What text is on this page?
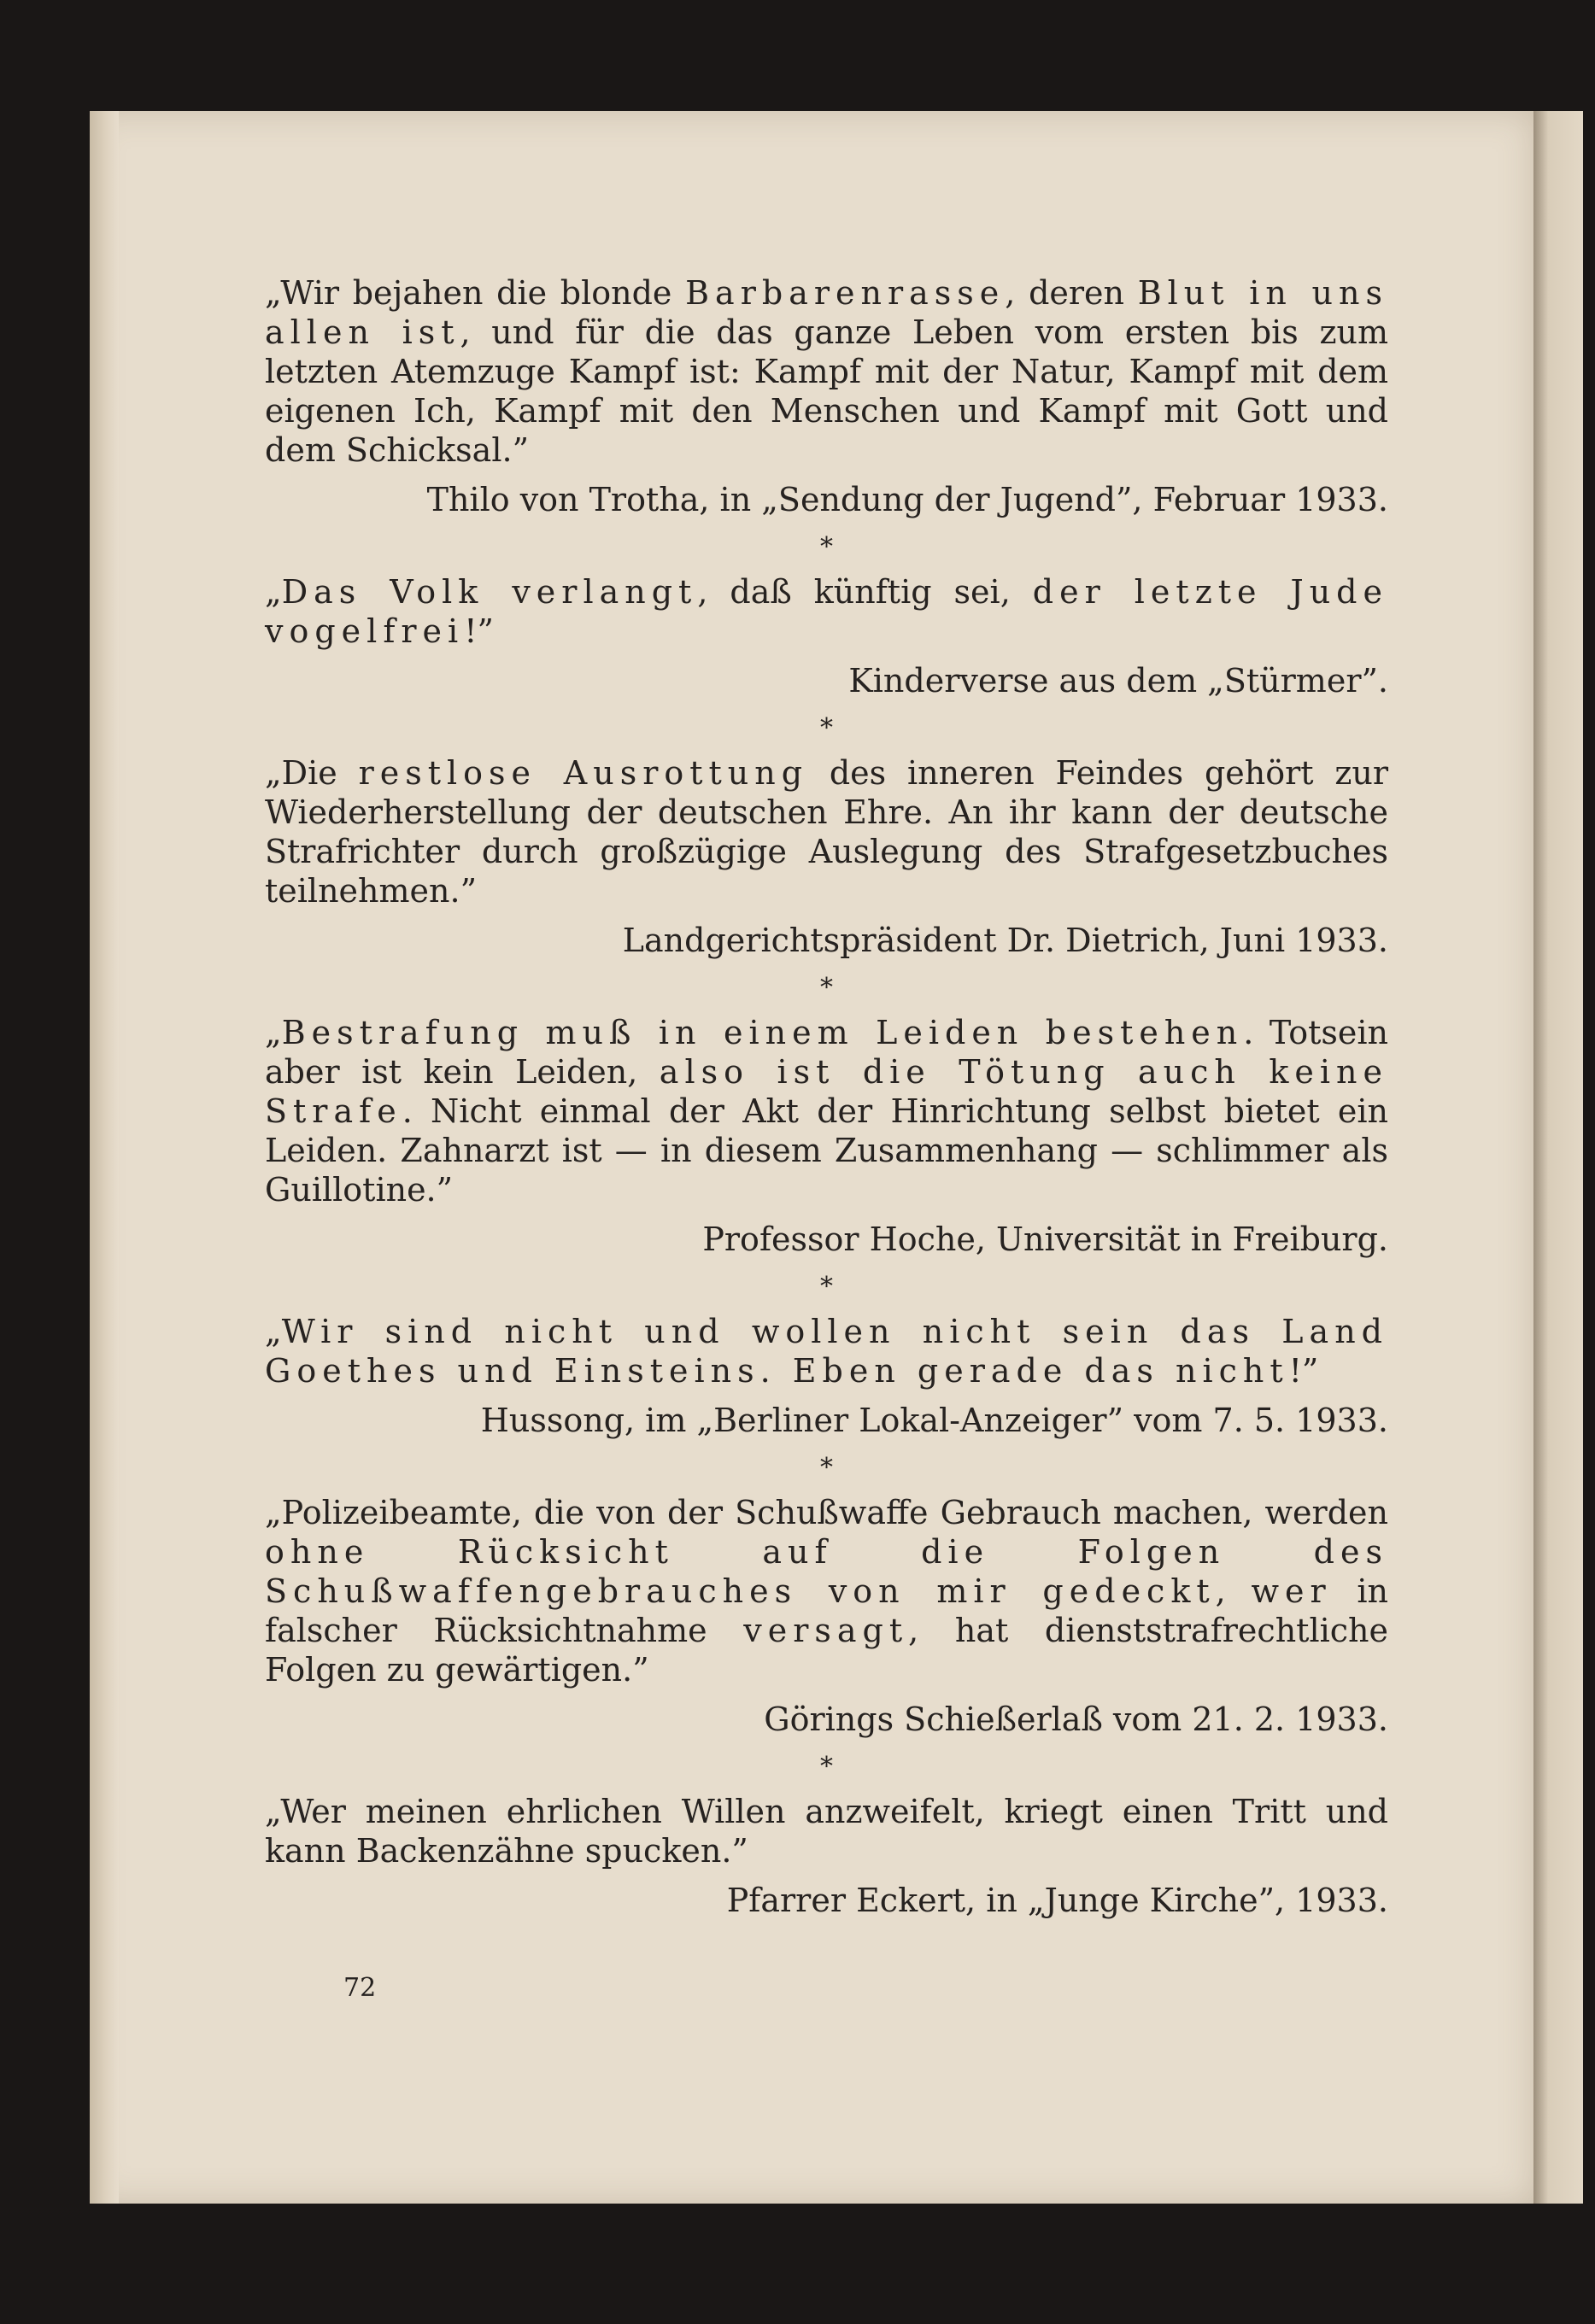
„Wir bejahen die blonde Barbarenrasse, deren Blut in uns allen ist, und für die das ganze Leben vom ersten bis zum letzten Atemzuge Kampf ist: Kampf mit der Natur, Kampf mit dem eigenen Ich, Kampf mit den Menschen und Kampf mit Gott und dem Schicksal.”

Thilo von Trotha, in „Sendung der Jugend”, Februar 1933.

*

„Das Volk verlangt, daß künftig sei, der letzte Jude vogelfrei!”

Kinderverse aus dem „Stürmer”.

*

„Die restlose Ausrottung des inneren Feindes gehört zur Wiederherstellung der deutschen Ehre. An ihr kann der deutsche Strafrichter durch großzügige Auslegung des Strafgesetzbuches teilnehmen.”

Landgerichtspräsident Dr. Dietrich, Juni 1933.

*

„Bestrafung muß in einem Leiden bestehen. Totsein aber ist kein Leiden, also ist die Tötung auch keine Strafe. Nicht einmal der Akt der Hinrichtung selbst bietet ein Leiden. Zahnarzt ist — in diesem Zusammenhang — schlimmer als Guillotine.”

Professor Hoche, Universität in Freiburg.

*

„Wir sind nicht und wollen nicht sein das Land Goethes und Einsteins. Eben gerade das nicht!”

Hussong, im „Berliner Lokal-Anzeiger” vom 7. 5. 1933.

*

„Polizeibeamte, die von der Schußwaffe Gebrauch machen, werden ohne Rücksicht auf die Folgen des Schußwaffengebrauches von mir gedeckt, wer in falscher Rücksichtnahme versagt, hat dienststrafrechtliche Folgen zu gewärtigen.”

Görings Schießerlaß vom 21. 2. 1933.

*

„Wer meinen ehrlichen Willen anzweifelt, kriegt einen Tritt und kann Backenzähne spucken.”

Pfarrer Eckert, in „Junge Kirche”, 1933.

72
